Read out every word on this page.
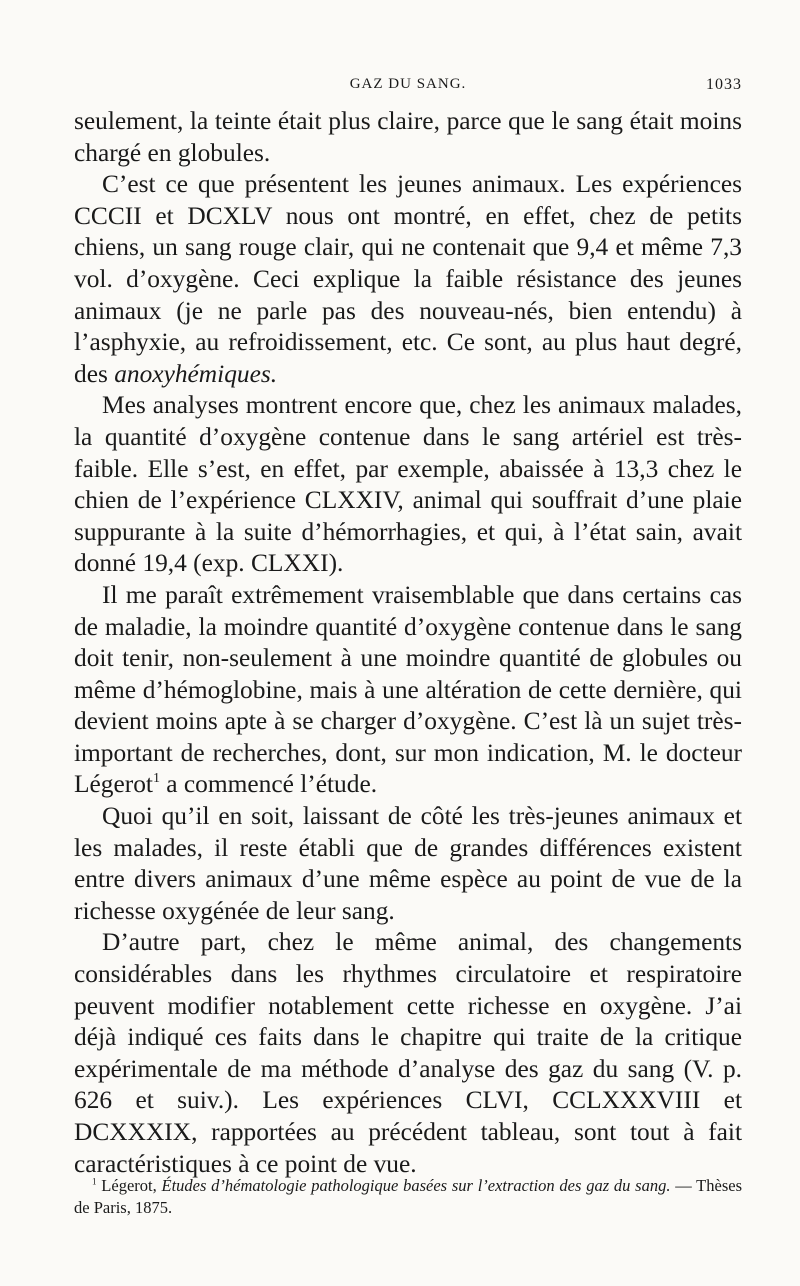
GAZ DU SANG.	1033

seulement, la teinte était plus claire, parce que le sang était moins chargé en globules.

C’est ce que présentent les jeunes animaux. Les expériences CCCII et DCXLV nous ont montré, en effet, chez de petits chiens, un sang rouge clair, qui ne contenait que 9,4 et même 7,3 vol. d’oxygène. Ceci explique la faible résistance des jeunes animaux (je ne parle pas des nouveau-nés, bien entendu) à l’asphyxie, au refroidissement, etc. Ce sont, au plus haut degré, des anoxyhémiques.

Mes analyses montrent encore que, chez les animaux malades, la quantité d’oxygène contenue dans le sang artériel est très-faible. Elle s’est, en effet, par exemple, abaissée à 13,3 chez le chien de l’expérience CLXXIV, animal qui souffrait d’une plaie suppurante à la suite d’hémorrhagies, et qui, à l’état sain, avait donné 19,4 (exp. CLXXI).

Il me paraît extrêmement vraisemblable que dans certains cas de maladie, la moindre quantité d’oxygène contenue dans le sang doit tenir, non-seulement à une moindre quantité de globules ou même d’hémoglobine, mais à une altération de cette dernière, qui devient moins apte à se charger d’oxygène. C’est là un sujet très-important de recherches, dont, sur mon indication, M. le docteur Légerot$^1$ a commencé l’étude.

Quoi qu’il en soit, laissant de côté les très-jeunes animaux et les malades, il reste établi que de grandes différences existent entre divers animaux d’une même espèce au point de vue de la richesse oxygénée de leur sang.

D’autre part, chez le même animal, des changements considérables dans les rhythmes circulatoire et respiratoire peuvent modifier notablement cette richesse en oxygène. J’ai déjà indiqué ces faits dans le chapitre qui traite de la critique expérimentale de ma méthode d’analyse des gaz du sang (V. p. 626 et suiv.). Les expériences CLVI, CCLXXXVIII et DCXXXIX, rapportées au précédent tableau, sont tout à fait caractéristiques à ce point de vue.

$^1$ Légerot, Études d’hématologie pathologique basées sur l’extraction des gaz du sang. — Thèses de Paris, 1875.
